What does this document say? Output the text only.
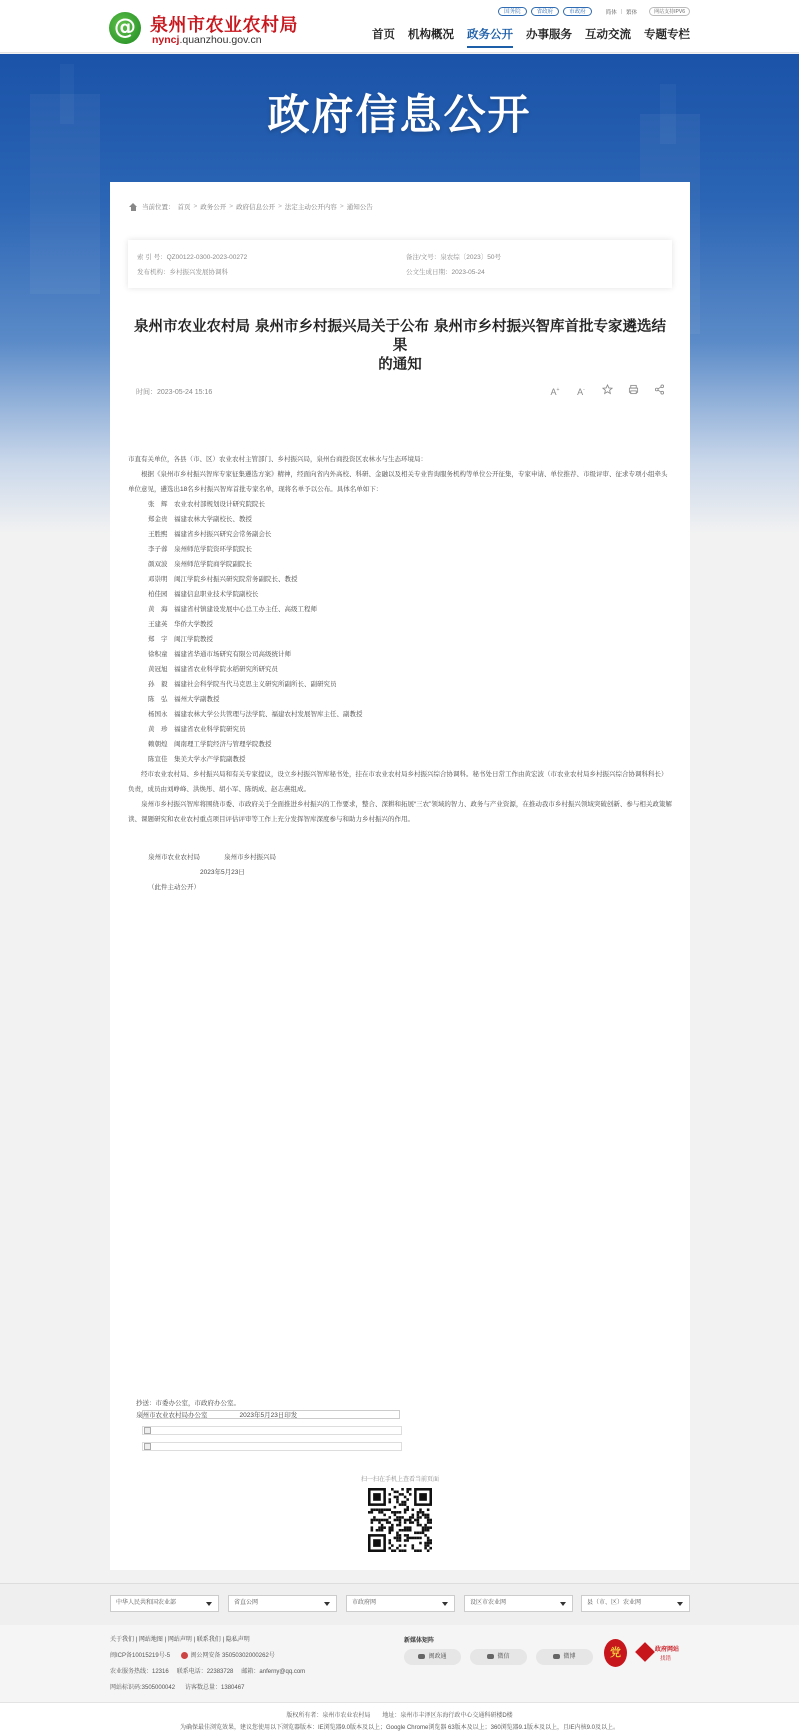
@ 泉州市农业农村局
nyncj.quanzhou.gov.cn
国务院	省政府	市政府	简体 | 繁体	网站支持IPV6
首页 机构概况 政务公开 办事服务 互动交流 专题专栏
政府信息公开
当前位置： 首页 > 政务公开 > 政府信息公开 > 法定主动公开内容 > 通知公告
索 引 号：QZ00122-0300-2023-00272	备注/文号：泉农综〔2023〕50号
发布机构：乡村振兴发展协调科	公文生成日期：2023-05-24
泉州市农业农村局 泉州市乡村振兴局关于公布 泉州市乡村振兴智库首批专家遴选结果
的通知
时间：2023-05-24 15:16	A+	A-

市直有关单位，各县（市、区）农业农村主管部门、乡村振兴局，泉州台商投资区农林水与生态环境局：

根据《泉州市乡村振兴智库专家征集遴选方案》精神，经面向省内外高校、科研、金融以及相关专业咨询服务机构等单位公开征集，专家申请、单位推荐、市级评审、征求专项小组牵头单位意见，遴选出18名乡村振兴智库首批专家名单，现将名单予以公布。具体名单如下：

张　辉　农业农村部规划设计研究院院长
郑金贵　福建农林大学副校长、教授
王胜熙　福建省乡村振兴研究会常务副会长
李子蓉　泉州师范学院资环学院院长
颜双波　泉州师范学院商学院副院长
邓崇明　闽江学院乡村振兴研究院常务副院长、教授
柏佳园　福建信息职业技术学院副校长
黄　海　福建省村镇建设发展中心总工办主任、高级工程师
王建英　华侨大学教授
郑　宇　闽江学院教授
徐积童　福建省华通市场研究有限公司高级统计师
黄冠旭　福建省农业科学院水稻研究所研究员
孙　毅　福建社会科学院当代马克思主义研究所副所长、副研究员
陈　弘　福州大学副教授
杨国永　福建农林大学公共管理与法学院、福建农村发展智库主任、副教授
黄　珍　福建省农业科学院研究员
赖朝煌　闽南理工学院经济与管理学院教授
陈宣佳　集美大学水产学院副教授

经市农业农村局、乡村振兴局和有关专家提议，设立乡村振兴智库秘书处，挂在市农业农村局乡村振兴综合协调科。秘书处日常工作由黄宏波（市农业农村局乡村振兴综合协调科科长）负责，成员由刘峥峰、洪焕彤、胡小军、陈炳成、赵志燕组成。

泉州市乡村振兴智库将围绕市委、市政府关于全面推进乡村振兴的工作要求，整合、深耕和拓展“三农”领域的智力、政务与产业资源，在推动我市乡村振兴领域突破创新、参与相关政策解读、课题研究和农业农村重点项目评估评审等工作上充分发挥智库深度参与和助力乡村振兴的作用。

泉州市农业农村局	泉州市乡村振兴局
2023年5月23日
（此件主动公开）
抄送：市委办公室，市政府办公室。
泉州市农业农村局办公室	2023年5月23日印发
扫一扫在手机上查看当前页面
中华人民共和国农业部	省直公网	市政府网	设区市农业网	县（市、区）农业网
关于我们 | 网站地图 | 网站声明 | 联系我们 | 隐私声明
闽ICP备10015219号-5	闽公网安备 35050302000262号
农业服务热线：12316 联系电话：22383728 邮箱：anferny@qq.com
网站标识码:3505000042 访客数总量：1380467
新媒体矩阵
闽政通	微信	微博	党	政府网站
找错
版权所有者：泉州市农业农村局　　地址：泉州市丰泽区东海行政中心交通科研楼D楼
为确保最佳浏览效果，建议您使用以下浏览器版本：IE浏览器9.0版本及以上；Google Chrome浏览器 63版本及以上；360浏览器9.1版本及以上，且IE内核9.0及以上。
